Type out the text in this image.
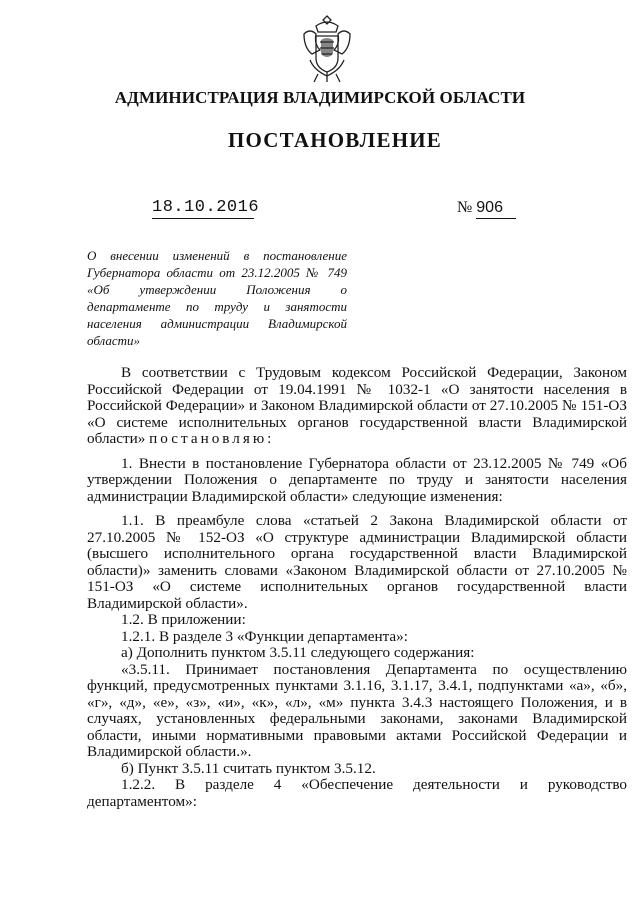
АДМИНИСТРАЦИЯ ВЛАДИМИРСКОЙ ОБЛАСТИ
ПОСТАНОВЛЕНИЕ
18.10.2016	№ 906
О внесении изменений в постановление
Губернатора области от 23.12.2005 № 749
«Об утверждении Положения о
департаменте по труду и занятости
населения администрации Владимирской
области»

В соответствии с Трудовым кодексом Российской Федерации, Законом Российской Федерации от 19.04.1991 № 1032-1 «О занятости населения в Российской Федерации» и Законом Владимирской области от 27.10.2005 № 151-ОЗ «О системе исполнительных органов государственной власти Владимирской области» постановляю:

1. Внести в постановление Губернатора области от 23.12.2005 № 749 «Об утверждении Положения о департаменте по труду и занятости населения администрации Владимирской области» следующие изменения:

1.1. В преамбуле слова «статьей 2 Закона Владимирской области от 27.10.2005 № 152-ОЗ «О структуре администрации Владимирской области (высшего исполнительного органа государственной власти Владимирской области)» заменить словами «Законом Владимирской области от 27.10.2005 № 151-ОЗ «О системе исполнительных органов государственной власти Владимирской области».

1.2. В приложении:

1.2.1. В разделе 3 «Функции департамента»:

а) Дополнить пунктом 3.5.11 следующего содержания:

«3.5.11. Принимает постановления Департамента по осуществлению функций, предусмотренных пунктами 3.1.16, 3.1.17, 3.4.1, подпунктами «а», «б», «г», «д», «е», «з», «и», «к», «л», «м» пункта 3.4.3 настоящего Положения, и в случаях, установленных федеральными законами, законами Владимирской области, иными нормативными правовыми актами Российской Федерации и Владимирской области.».

б) Пункт 3.5.11 считать пунктом 3.5.12.

1.2.2. В разделе 4 «Обеспечение деятельности и руководство департаментом»:
